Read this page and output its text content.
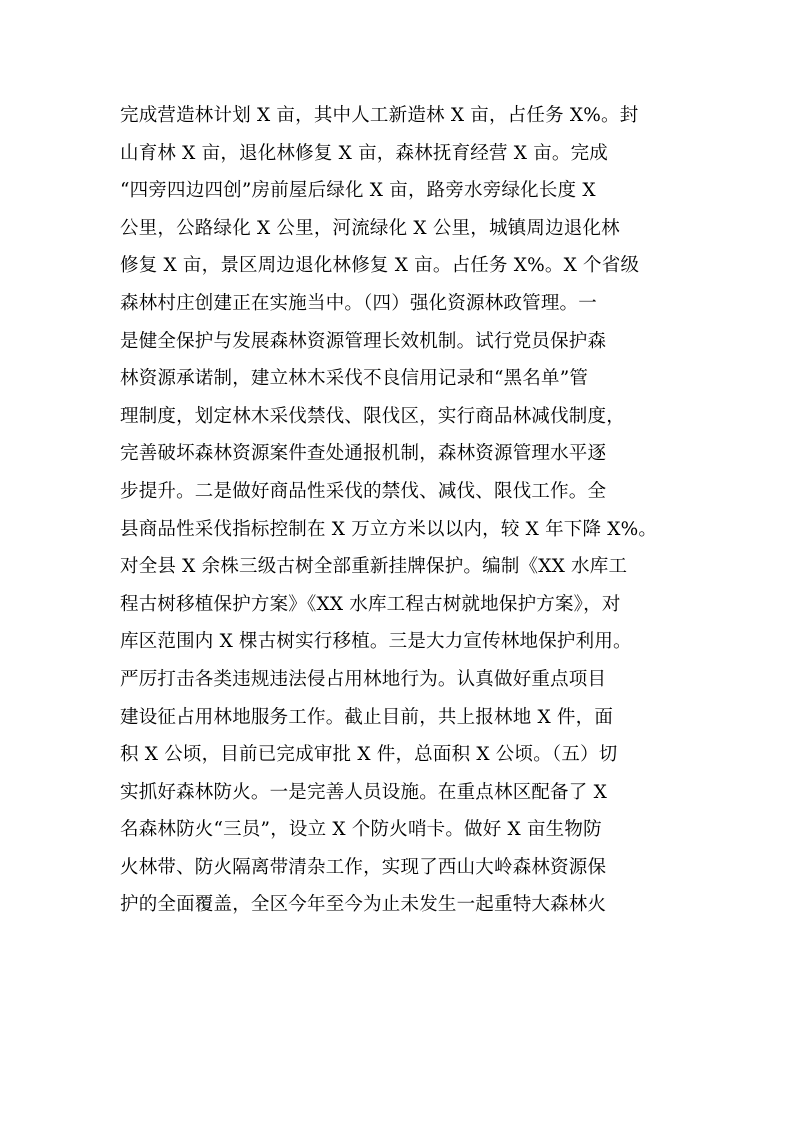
完成营造林计划 X 亩，其中人工新造林 X 亩，占任务 X%。封
山育林 X 亩，退化林修复 X 亩，森林抚育经营 X 亩。完成
“四旁四边四创”房前屋后绿化 X 亩，路旁水旁绿化长度 X
公里，公路绿化 X 公里，河流绿化 X 公里，城镇周边退化林
修复 X 亩，景区周边退化林修复 X 亩。占任务 X%。X 个省级
森林村庄创建正在实施当中。（四）强化资源林政管理。一
是健全保护与发展森林资源管理长效机制。试行党员保护森
林资源承诺制，建立林木采伐不良信用记录和“黑名单”管
理制度，划定林木采伐禁伐、限伐区，实行商品林减伐制度，
完善破坏森林资源案件查处通报机制，森林资源管理水平逐
步提升。二是做好商品性采伐的禁伐、减伐、限伐工作。全
县商品性采伐指标控制在 X 万立方米以以内，较 X 年下降 X%。
对全县 X 余株三级古树全部重新挂牌保护。编制《XX 水库工
程古树移植保护方案》《XX 水库工程古树就地保护方案》，对
库区范围内 X 棵古树实行移植。三是大力宣传林地保护利用。
严厉打击各类违规违法侵占用林地行为。认真做好重点项目
建设征占用林地服务工作。截止目前，共上报林地 X 件，面
积 X 公顷，目前已完成审批 X 件，总面积 X 公顷。（五）切
实抓好森林防火。一是完善人员设施。在重点林区配备了 X
名森林防火“三员”，设立 X 个防火哨卡。做好 X 亩生物防
火林带、防火隔离带清杂工作，实现了西山大岭森林资源保
护的全面覆盖，全区今年至今为止未发生一起重特大森林火
